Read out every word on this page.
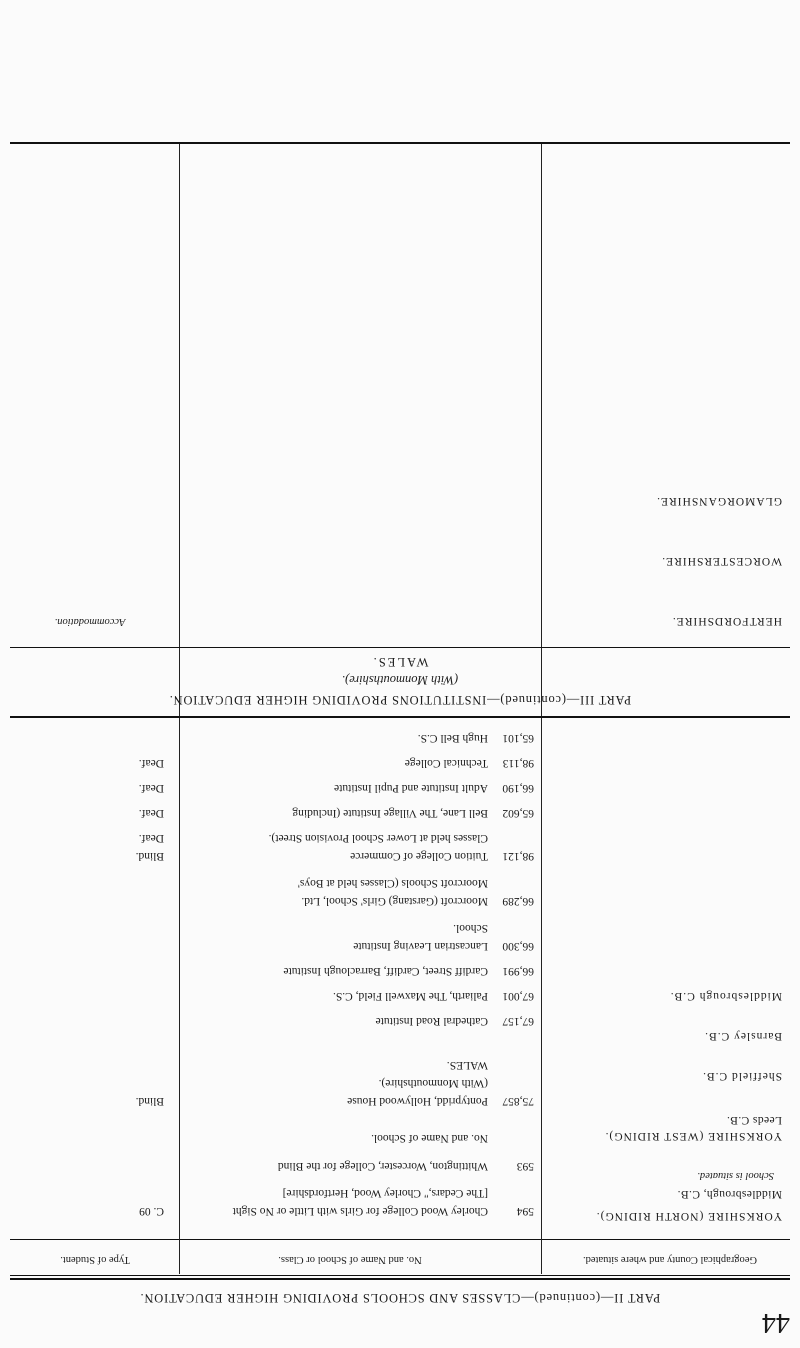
44
PART II—(continued)—CLASSES AND SCHOOLS PROVIDING HIGHER EDUCATION.
Geographical County and where situated.
No. and Name of School or Class.
Type of Student.
YORKSHIRE (NORTH RIDING).
Middlesbrough, C.B.
School is situated.
YORKSHIRE (WEST RIDING).
Leeds C.B.
Sheffield C.B.
Barnsley C.B.
Middlesbrough C.B.
594
Chorley Wood College for Girls with Little or No Sight
C. 09
[The Cedars," Chorley Wood, Hertfordshire]
593
Whittington, Worcester, College for the Blind
No. and Name of School.
75,857
Pontypridd, Hollywood House
Blind.
(With Monmouthshire).
WALES.
67,157
Cathedral Road Institute
67,001
Paliarth, The Maxwell Field, C.S.
66,991
Cardiff Street, Cardiff, Barraclough Institute
66,300
Lancastrian Leaving Institute
School.
66,289
Moorcroft (Garstang) Girls' School, Ltd.
Moorcroft Schools (Classes held at Boys'
98,121
Tuition College of Commerce
Blind.
Classes held at Lower School Provision Street).
Deaf.
65,602
Bell Lane, The Village Institute (Including
Deaf.
66,190
Adult Institute and Pupil Institute
Deaf.
98,113
Technical College
Deaf.
65,101
Hugh Bell C.S.
PART III—(continued)—INSTITUTIONS PROVIDING HIGHER EDUCATION.
(With Monmouthshire).
WALES.
HERTFORDSHIRE.
WORCESTERSHIRE.
GLAMORGANSHIRE.
Accommodation.
